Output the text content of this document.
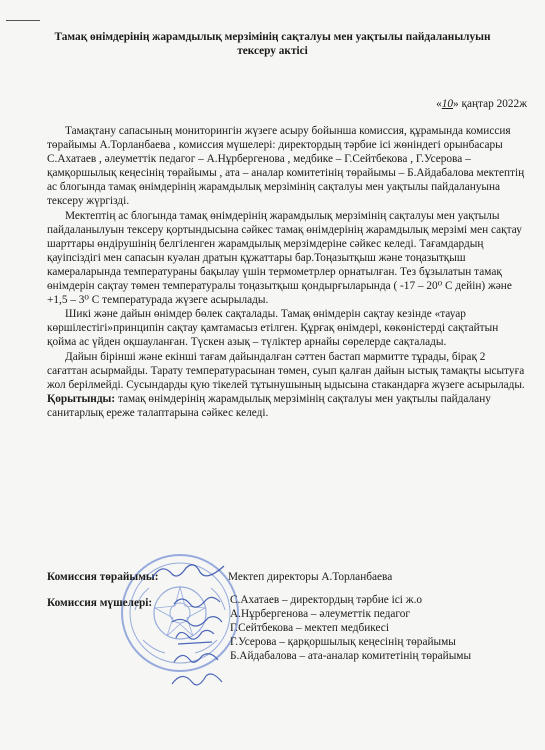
Тамақ өнімдерінің жарамдылық мерзімінің сақталуы мен уақтылы пайдаланылуын тексеру актісі
«10» қаңтар 2022ж

Тамақтану сапасының мониторингін жүзеге асыру бойынша комиссия, құрамында комиссия төрайымы А.Торланбаева , комиссия мүшелері: директордың тәрбие ісі жөніндегі орынбасары С.Ахатаев , әлеуметтік педагог – А.Нұрбергенова , медбике – Г.Сейтбекова , Г.Усерова – қамқоршылық кеңесінің төрайымы , ата – аналар комитетінің төрайымы – Б.Айдабалова мектептің ас блогында тамақ өнімдерінің жарамдылық мерзімінің сақталуы мен уақтылы пайдалануына тексеру жүргізді.

Мектептің ас блогында тамақ өнімдерінің жарамдылық мерзімінің сақталуы мен уақтылы пайдаланылуын тексеру қортындысына сәйкес тамақ өнімдерінің жарамдылық мерзімі мен сақтау шарттары өндірушінің белгіленген жарамдылық мерзімдеріне сәйкес келеді. Тағамдардың қауіпсіздігі мен сапасын куәлан дратын құжаттары бар.Тоңазытқыш және тоңазытқыш камераларында температураны бақылау үшін термометрлер орнатылған. Тез бұзылатын тамақ өнімдерін сақтау төмен температуралы тоңазытқыш қондырғыларында ( -17 – 20⁰ С дейін) және +1,5 – 3⁰ С температурада жүзеге асырылады.

Шикі және дайын өнімдер бөлек сақталады. Тамақ өнімдерін сақтау кезінде «тауар көршілестігі»принципін сақтау қамтамасыз етілген. Құрғақ өнімдері, көкөністерді сақтайтын қойма ас үйден оқшауланған. Түскен азық – түліктер арнайы сөрелерде сақталады.

Дайын бірінші және екінші тағам дайындалған сәттен бастап мармитте тұрады, бірақ 2 сағаттан асырмайды. Тарату температурасынан төмен, суып қалған дайын ыстық тамақты ысытуға жол берілмейді. Сусындарды қую тікелей тұтынушының ыдысына стакандарға жүзеге асырылады.

Қорытынды: тамақ өнімдерінің жарамдылық мерзімінің сақталуы мен уақтылы пайдалану санитарлық ереже талаптарына сәйкес келеді.

Комиссия төрайымы:	Мектеп директоры А.Торланбаева
Комиссия мүшелері:	С.Ахатаев – директордың тәрбие ісі ж.о
А.Нұрбергенова – әлеуметтік педагог
Г.Сейтбекова – мектеп медбикесі
Г.Усерова – қарқоршылық кеңесінің төрайымы
Б.Айдабалова – ата-аналар комитетінің төрайымы
